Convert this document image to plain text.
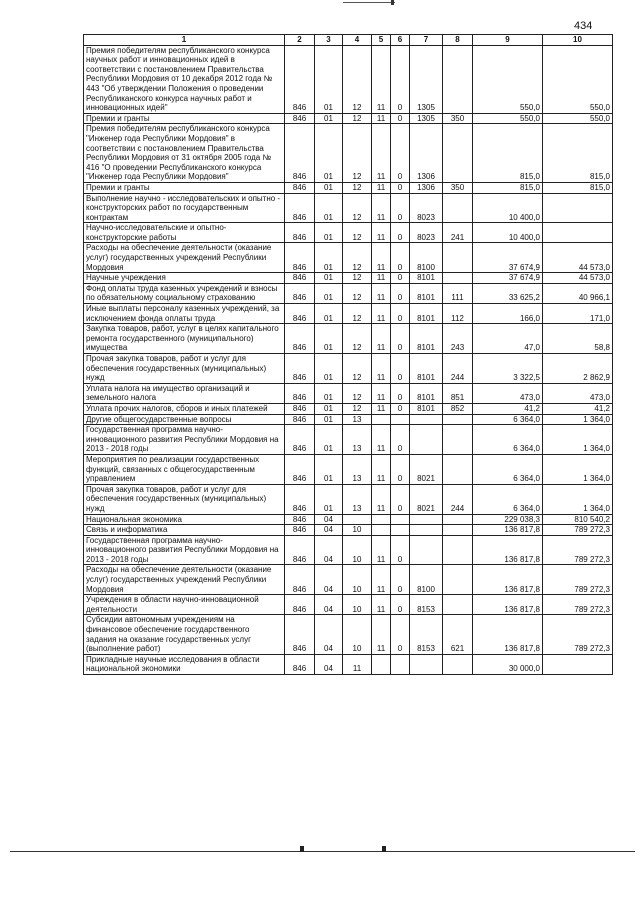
434
1	2	3	4	5	6	7	8	9	10
Премия победителям республиканского конкурса научных работ и инновационных идей в соответствии с постановлением Правительства Республики Мордовия от 10 декабря 2012 года № 443 "Об утверждении Положения о проведении Республиканского конкурса научных работ и инновационных идей"	846	01	12	11	0	1305		550,0	550,0
Премии и гранты	846	01	12	11	0	1305	350	550,0	550,0
Премия победителям республиканского конкурса "Инженер года Республики Мордовия" в соответствии с постановлением Правительства Республики Мордовия от 31 октября 2005 года № 416 "О проведении Республиканского конкурса "Инженер года Республики Мордовия"	846	01	12	11	0	1306		815,0	815,0
Премии и гранты	846	01	12	11	0	1306	350	815,0	815,0
Выполнение научно - исследовательских и опытно - конструкторских работ по государственным контрактам	846	01	12	11	0	8023		10 400,0	
Научно-исследовательские и опытно-конструкторские работы	846	01	12	11	0	8023	241	10 400,0	
Расходы на обеспечение деятельности (оказание услуг) государственных учреждений Республики Мордовия	846	01	12	11	0	8100		37 674,9	44 573,0
Научные учреждения	846	01	12	11	0	8101		37 674,9	44 573,0
Фонд оплаты труда казенных учреждений и взносы по обязательному социальному страхованию	846	01	12	11	0	8101	111	33 625,2	40 966,1
Иные выплаты персоналу казенных учреждений, за исключением фонда оплаты труда	846	01	12	11	0	8101	112	166,0	171,0
Закупка товаров, работ, услуг в целях капитального ремонта государственного (муниципального) имущества	846	01	12	11	0	8101	243	47,0	58,8
Прочая закупка товаров, работ и услуг для обеспечения государственных (муниципальных) нужд	846	01	12	11	0	8101	244	3 322,5	2 862,9
Уплата налога на имущество организаций и земельного налога	846	01	12	11	0	8101	851	473,0	473,0
Уплата прочих налогов, сборов и иных платежей	846	01	12	11	0	8101	852	41,2	41,2
Другие общегосударственные вопросы	846	01	13					6 364,0	1 364,0
Государственная программа научно-инновационного развития Республики Мордовия на 2013 - 2018 годы	846	01	13	11	0			6 364,0	1 364,0
Мероприятия по реализации государственных функций, связанных с общегосударственным управлением	846	01	13	11	0	8021		6 364,0	1 364,0
Прочая закупка товаров, работ и услуг для обеспечения государственных (муниципальных) нужд	846	01	13	11	0	8021	244	6 364,0	1 364,0
Национальная экономика	846	04						229 038,3	810 540,2
Связь и информатика	846	04	10					136 817,8	789 272,3
Государственная программа научно-инновационного развития Республики Мордовия на 2013 - 2018 годы	846	04	10	11	0			136 817,8	789 272,3
Расходы на обеспечение деятельности (оказание услуг) государственных учреждений Республики Мордовия	846	04	10	11	0	8100		136 817,8	789 272,3
Учреждения в области научно-инновационной деятельности	846	04	10	11	0	8153		136 817,8	789 272,3
Субсидии автономным учреждениям на финансовое обеспечение государственного задания на оказание государственных услуг (выполнение работ)	846	04	10	11	0	8153	621	136 817,8	789 272,3
Прикладные научные исследования в области национальной экономики	846	04	11					30 000,0	
